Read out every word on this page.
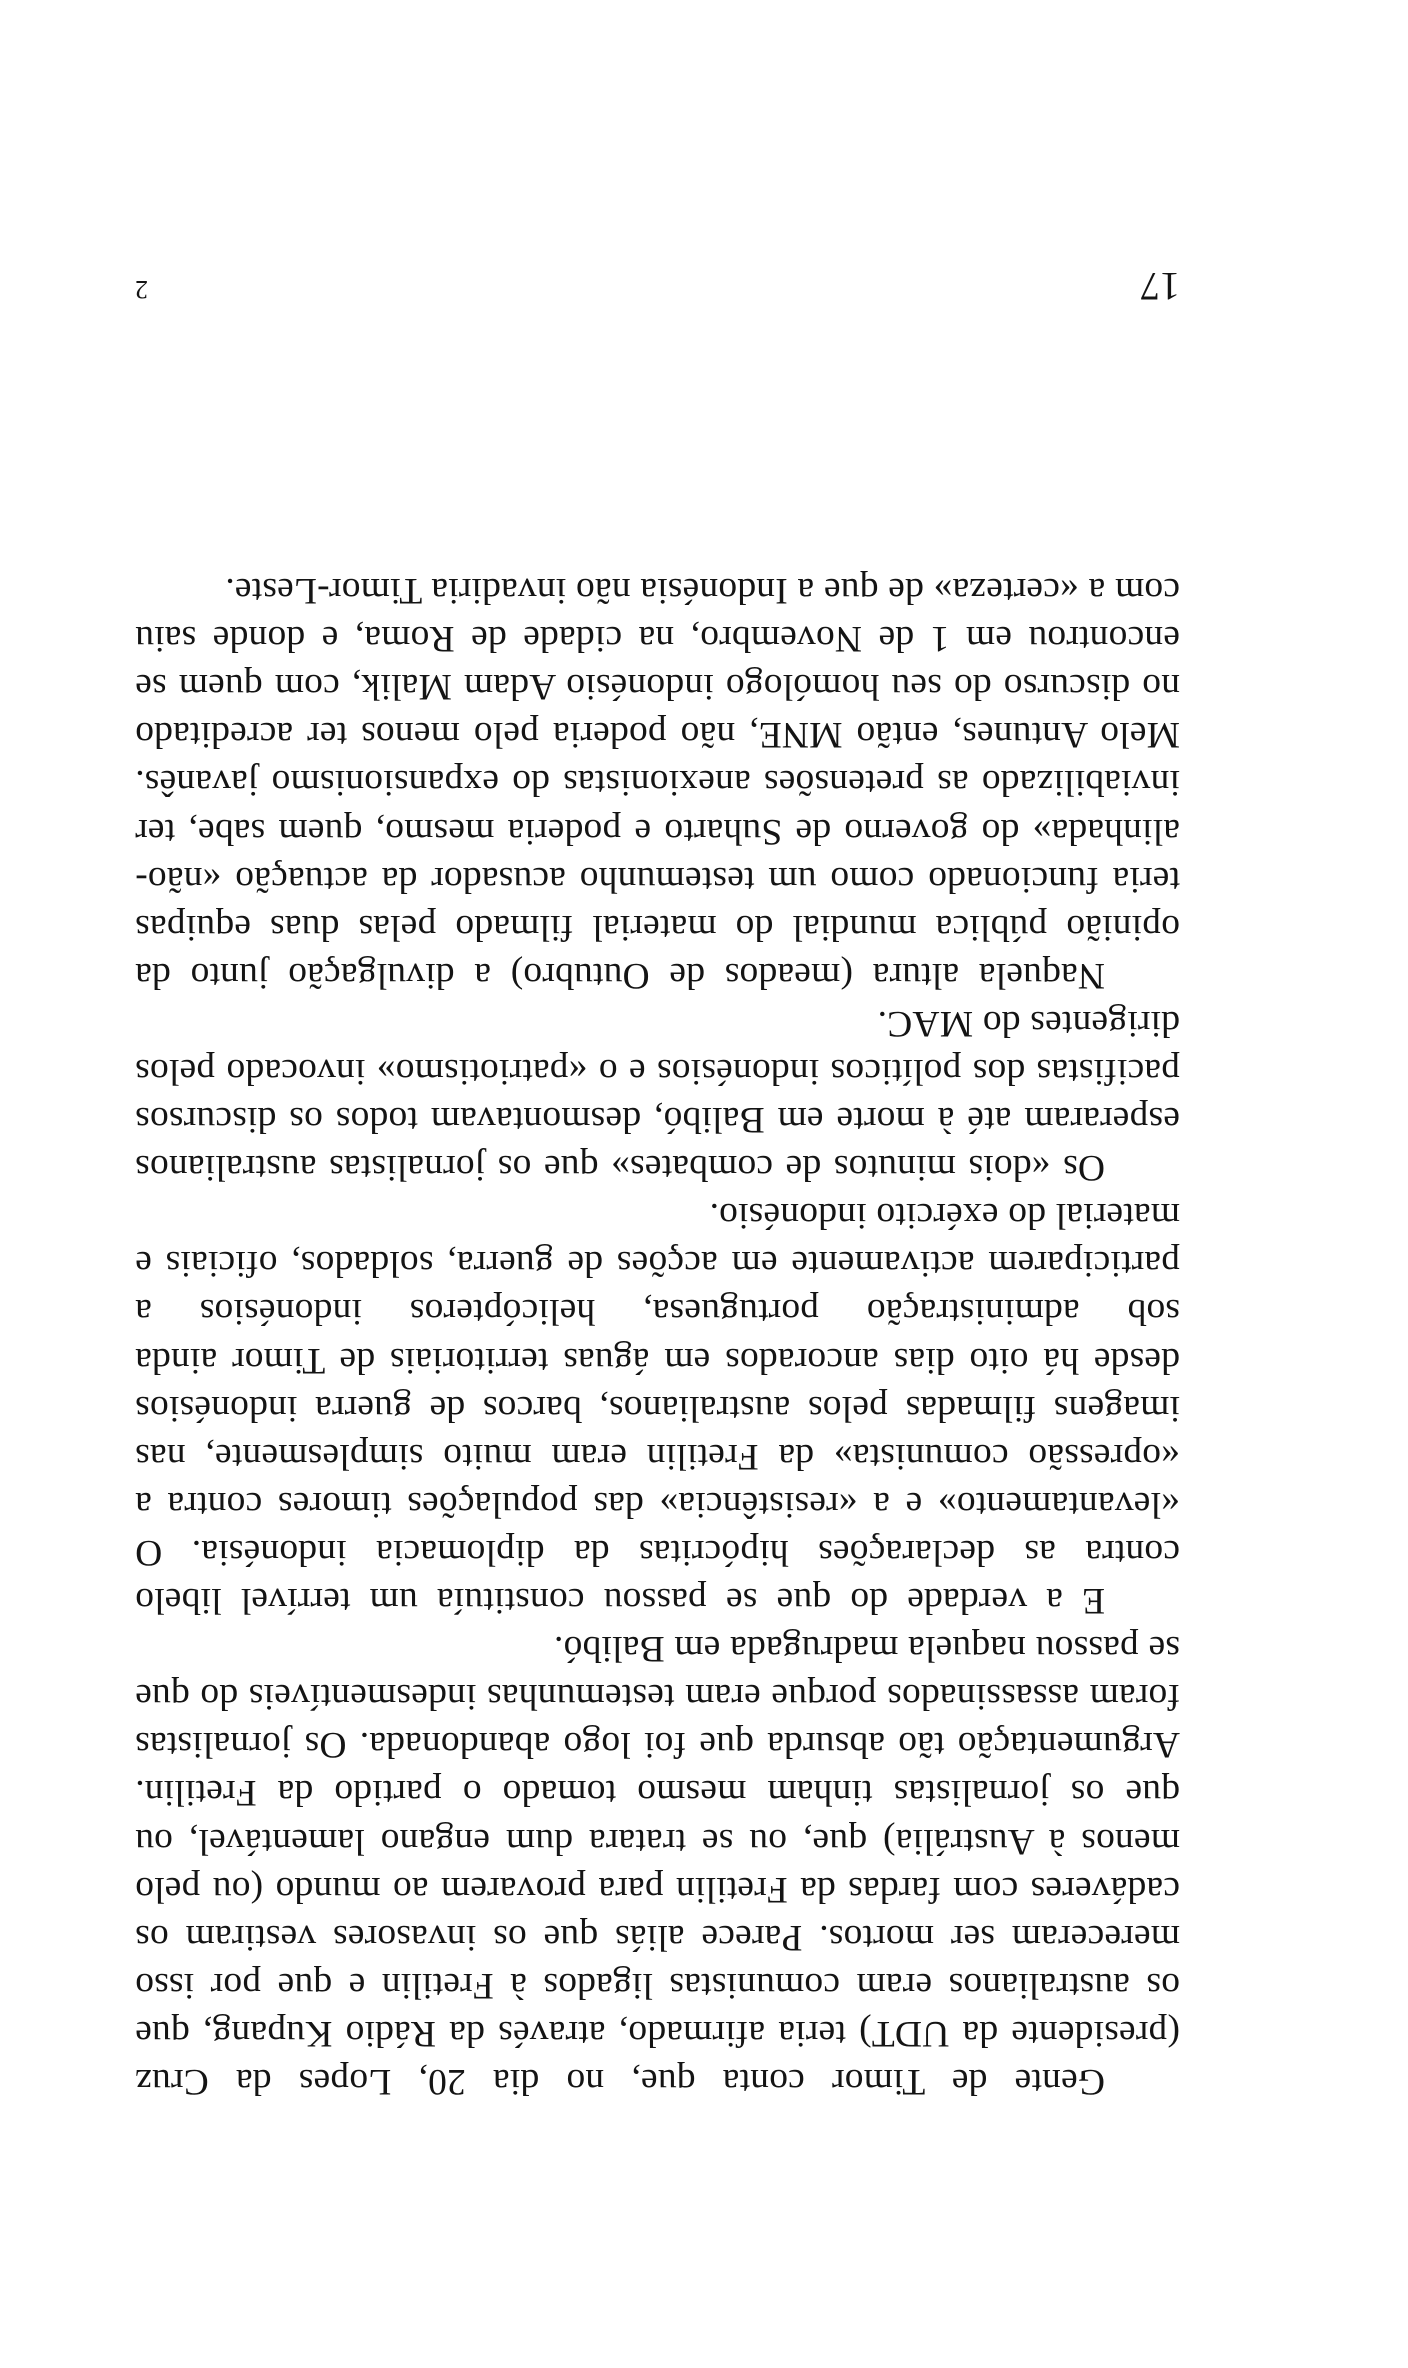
Gente de Timor conta que, no dia 20, Lopes da Cruz (presidente da UDT) teria afirmado, através da Rádio Kupang, que os australianos eram comunistas ligados à Fretilin e que por isso mereceram ser mortos. Parece aliás que os invasores vestiram os cadáveres com fardas da Fretilin para provarem ao mundo (ou pelo menos à Austrália) que, ou se tratara dum engano lamentável, ou que os jornalistas tinham mesmo tomado o partido da Fretilin. Argumentação tão absurda que foi logo abandonada. Os jornalistas foram assassinados porque eram testemunhas indesmentíveis do que se passou naquela madrugada em Balibó.

E a verdade do que se passou constituía um terrível libelo contra as declarações hipócritas da diplomacia indonésia. O «levantamento» e a «resistência» das populações timores contra a «opressão comunista» da Fretilin eram muito simplesmente, nas imagens filmadas pelos australianos, barcos de guerra indonésios desde há oito dias ancorados em águas territoriais de Timor ainda sob administração portuguesa, helicópteros indonésios a participarem activamente em acções de guerra, soldados, oficiais e material do exército indonésio.

Os «dois minutos de combates» que os jornalistas australianos esperaram até à morte em Balibó, desmontavam todos os discursos pacifistas dos políticos indonésios e o «patriotismo» invocado pelos dirigentes do MAC.

Naquela altura (meados de Outubro) a divulgação junto da opinião pública mundial do material filmado pelas duas equipas teria funcionado como um testemunho acusador da actuação «não-alinhada» do governo de Suharto e poderia mesmo, quem sabe, ter inviabilizado as pretensões anexionistas do expansionismo javanês. Melo Antunes, então MNE, não poderia pelo menos ter acreditado no discurso do seu homólogo indonésio Adam Malik, com quem se encontrou em 1 de Novembro, na cidade de Roma, e donde saiu com a «certeza» de que a Indonésia não invadiria Timor-Leste.

17
2
